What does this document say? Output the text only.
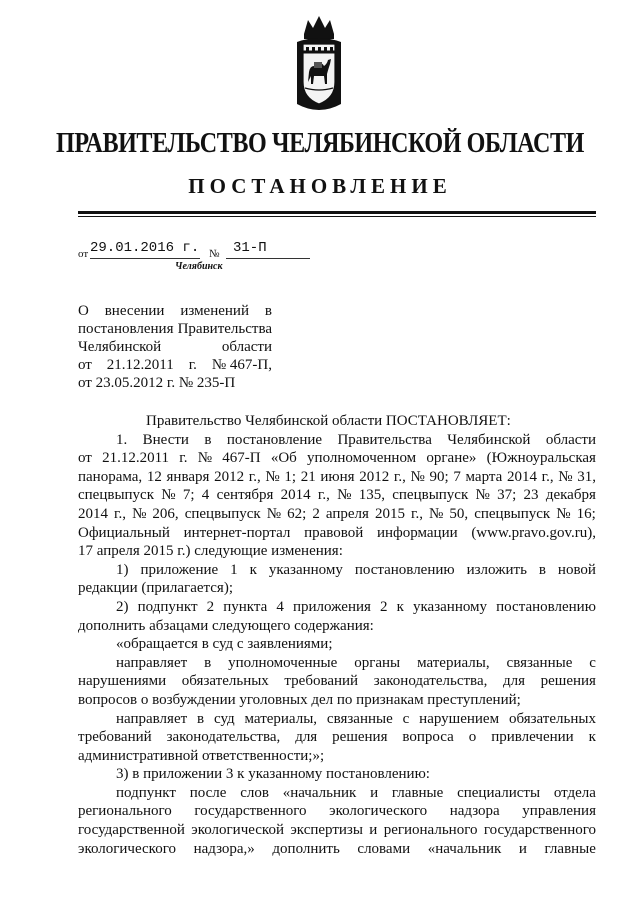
ПРАВИТЕЛЬСТВО ЧЕЛЯБИНСКОЙ ОБЛАСТИ
ПОСТАНОВЛЕНИЕ
от 29.01.2016 г. № 31-П
Челябинск
О внесении изменений в
постановления Правительства
Челябинской	области
от 21.12.2011 г. № 467-П,
от 23.05.2012 г. № 235-П
Правительство Челябинской области ПОСТАНОВЛЯЕТ:
1. Внести в постановление Правительства Челябинской области
от 21.12.2011 г. № 467-П «Об уполномоченном органе» (Южноуральская
панорама, 12 января 2012 г., № 1; 21 июня 2012 г., № 90; 7 марта 2014 г., № 31,
спецвыпуск № 7; 4 сентября 2014 г., № 135, спецвыпуск № 37; 23 декабря
2014 г., № 206, спецвыпуск № 62; 2 апреля 2015 г., № 50, спецвыпуск № 16;
Официальный интернет-портал правовой информации (www.pravo.gov.ru),
17 апреля 2015 г.) следующие изменения:
1) приложение 1 к указанному постановлению изложить в новой
редакции (прилагается);
2) подпункт 2 пункта 4 приложения 2 к указанному постановлению
дополнить абзацами следующего содержания:
«обращается в суд с заявлениями;
направляет в уполномоченные органы материалы, связанные с
нарушениями обязательных требований законодательства, для решения
вопросов о возбуждении уголовных дел по признакам преступлений;
направляет в суд материалы, связанные с нарушением обязательных
требований законодательства, для решения вопроса о привлечении к
административной ответственности;»;
3) в приложении 3 к указанному постановлению:
подпункт после слов «начальник и главные специалисты отдела
регионального государственного экологического надзора управления
государственной экологической экспертизы и регионального государственного
экологического надзора,» дополнить словами «начальник и главные
